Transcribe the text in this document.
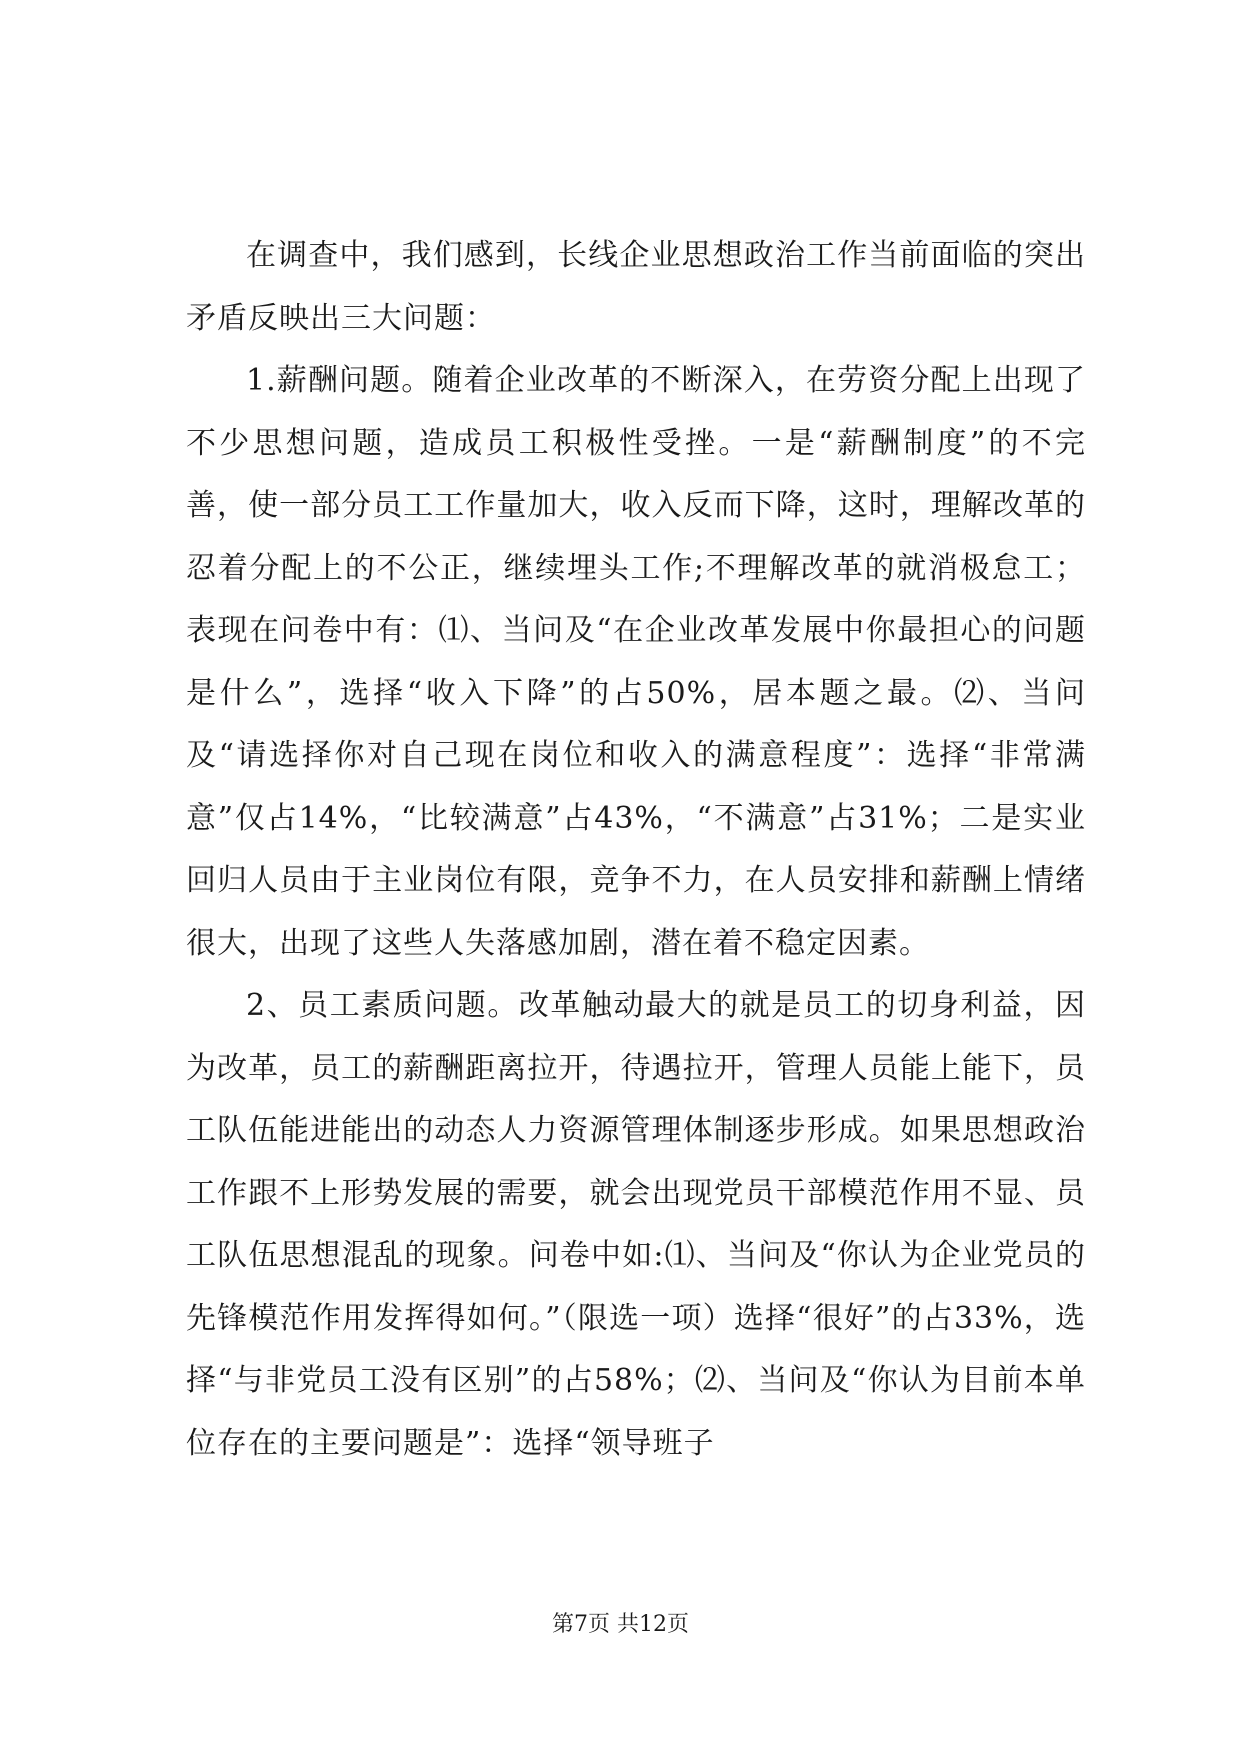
在调查中，我们感到，长线企业思想政治工作当前面临的突出矛盾反映出三大问题：

1.薪酬问题。随着企业改革的不断深入，在劳资分配上出现了不少思想问题，造成员工积极性受挫。一是“薪酬制度”的不完善，使一部分员工工作量加大，收入反而下降，这时，理解改革的忍着分配上的不公正，继续埋头工作;不理解改革的就消极怠工；表现在问卷中有：⑴、当问及“在企业改革发展中你最担心的问题是什么”，选择“收入下降”的占50%，居本题之最。⑵、当问及“请选择你对自己现在岗位和收入的满意程度”：选择“非常满意”仅占14%，“比较满意”占43%，“不满意”占31%；二是实业回归人员由于主业岗位有限，竞争不力，在人员安排和薪酬上情绪很大，出现了这些人失落感加剧，潜在着不稳定因素。

2、员工素质问题。改革触动最大的就是员工的切身利益，因为改革，员工的薪酬距离拉开，待遇拉开，管理人员能上能下，员工队伍能进能出的动态人力资源管理体制逐步形成。如果思想政治工作跟不上形势发展的需要，就会出现党员干部模范作用不显、员工队伍思想混乱的现象。问卷中如:⑴、当问及“你认为企业党员的先锋模范作用发挥得如何。”（限选一项）选择“很好”的占33%，选择“与非党员工没有区别”的占58%；⑵、当问及“你认为目前本单位存在的主要问题是”：选择“领导班子

第7页 共12页
